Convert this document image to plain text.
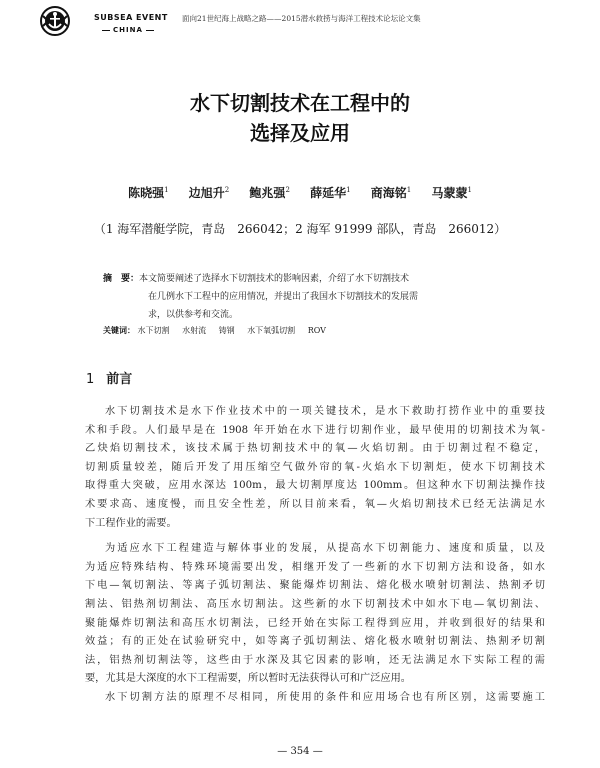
SUBSEA EVENT
CHINA
面向21世纪海上战略之路——2015潜水救捞与海洋工程技术论坛论文集
水下切割技术在工程中的
选择及应用
陈晓强$^1$ 边旭升$^2$ 鲍兆强$^2$ 薛延华$^1$ 商海铭$^1$ 马蒙蒙$^1$
（1 海军潜艇学院，青岛　266042；2 海军 91999 部队，青岛　266012）
摘　要：本文简要阐述了选择水下切割技术的影响因素，介绍了水下切割技术
在几例水下工程中的应用情况，并提出了我国水下切割技术的发展需
求，以供参考和交流。
关键词： 水下切割 水射流 铸钢 水下氧弧切割 ROV
1 前言
水下切割技术是水下作业技术中的一项关键技术，是水下救助打捞作业中的重要技
术和手段。人们最早是在 1908 年开始在水下进行切割作业，最早使用的切割技术为氧-
乙炔焰切割技术，该技术属于热切割技术中的氧—火焰切割。由于切割过程不稳定，
切割质量较差，随后开发了用压缩空气做外帘的氧-火焰水下切割炬，使水下切割技术
取得重大突破，应用水深达 100m，最大切割厚度达 100mm。但这种水下切割法操作技
术要求高、速度慢，而且安全性差，所以目前来看，氧—火焰切割技术已经无法满足水
下工程作业的需要。
为适应水下工程建造与解体事业的发展，从提高水下切割能力、速度和质量，以及
为适应特殊结构、特殊环境需要出发，相继开发了一些新的水下切割方法和设备，如水
下电—氧切割法、等离子弧切割法、聚能爆炸切割法、熔化极水喷射切割法、热割矛切
割法、铝热剂切割法、高压水切割法。这些新的水下切割技术中如水下电—氧切割法、
聚能爆炸切割法和高压水切割法，已经开始在实际工程得到应用，并收到很好的结果和
效益；有的正处在试验研究中，如等离子弧切割法、熔化极水喷射切割法、热割矛切割
法，铝热剂切割法等，这些由于水深及其它因素的影响，还无法满足水下实际工程的需
要，尤其是大深度的水下工程需要，所以暂时无法获得认可和广泛应用。
水下切割方法的原理不尽相同，所使用的条件和应用场合也有所区别，这需要施工
— 354 —
